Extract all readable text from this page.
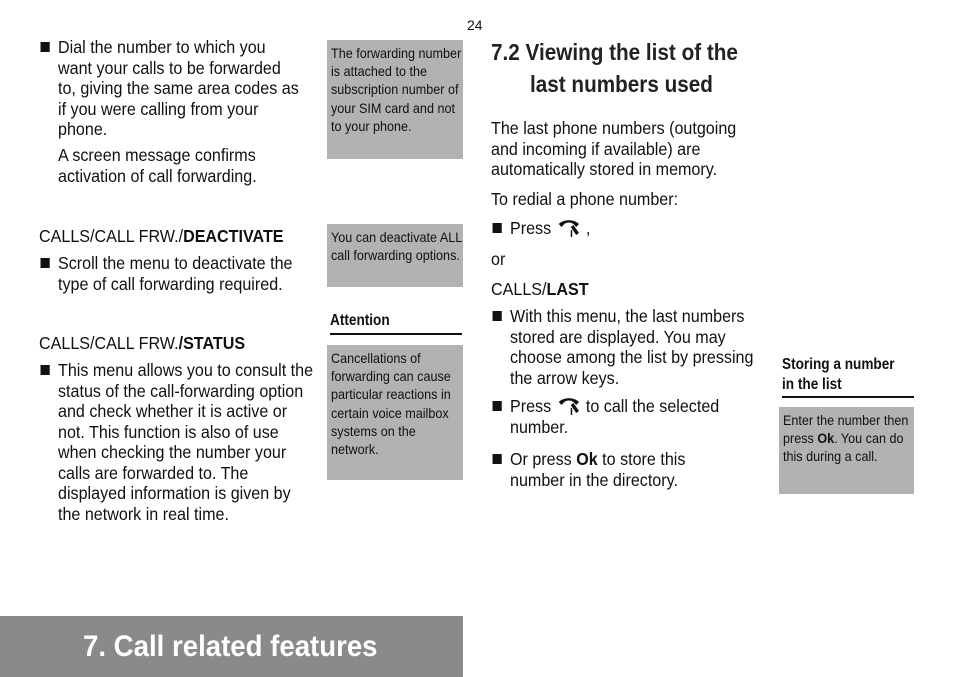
24
Dial the number to which you want your calls to be forwarded to, giving the same area codes as if you were calling from your phone.
A screen message confirms activation of call forwarding.
CALLS/CALL FRW./DEACTIVATE
Scroll the menu to deactivate the type of call forwarding required.
CALLS/CALL FRW./STATUS
This menu allows you to consult the status of the call-forwarding option and check whether it is active or not. This function is also of use when checking the number your calls are forwarded to. The displayed information is given by the network in real time.
The forwarding number is attached to the subscription number of your SIM card and not to your phone.
You can deactivate ALL call forwarding options.
Attention
Cancellations of forwarding can cause particular reactions in certain voice mailbox systems on the network.
7.2 Viewing the list of the
last numbers used
The last phone numbers (outgoing and incoming if available) are automatically stored in memory.
To redial a phone number:
Press ,
or
CALLS/LAST
With this menu, the last numbers stored are displayed. You may choose among the list by pressing the arrow keys.
Press to call the selected number.
Or press Ok to store this number in the directory.
Storing a number in the list
Enter the number then press Ok. You can do this during a call.
7. Call related features
